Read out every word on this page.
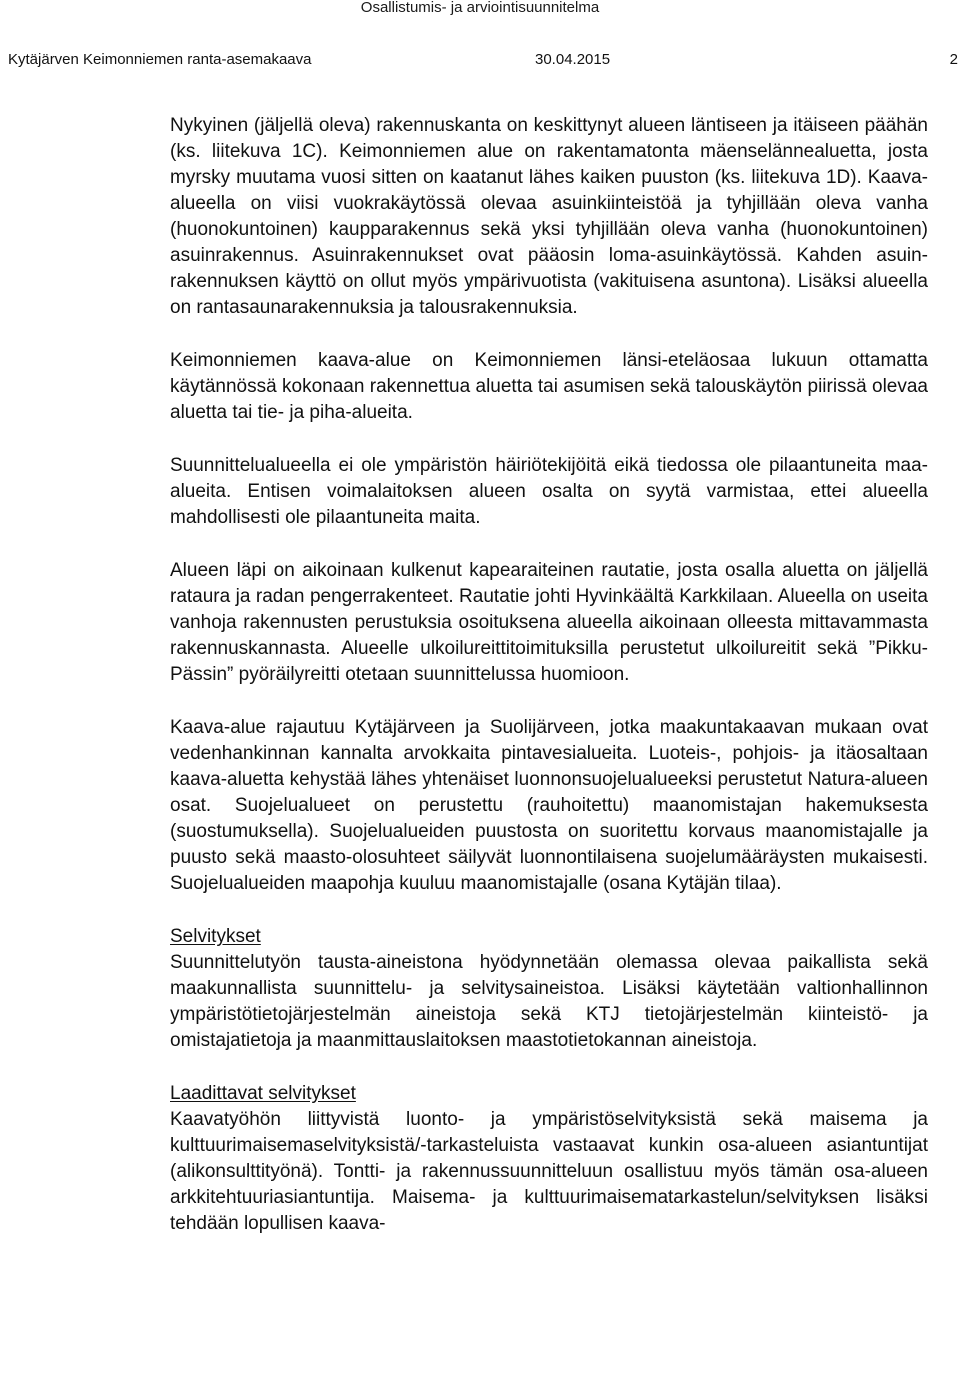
Osallistumis- ja arviointisuunnitelma
Kytäjärven Keimonniemen ranta-asemakaava	30.04.2015	2

Nykyinen (jäljellä oleva) rakennuskanta on keskittynyt alueen läntiseen ja itäiseen päähän (ks. liitekuva 1C). Keimonniemen alue on rakentamatonta mäenselännealuetta, josta myrsky muutama vuosi sitten on kaatanut lähes kaiken puuston (ks. liitekuva 1D). Kaava-alueella on viisi vuokrakäytössä olevaa asuinkiinteistöä ja tyhjillään oleva vanha (huonokuntoinen) kaupparakennus sekä yksi tyhjillään oleva vanha (huonokuntoinen) asuinrakennus. Asuinrakennukset ovat pääosin loma-asuinkäytössä. Kahden asuinrakennuksen käyttö on ollut myös ympärivuotista (vakituisena asuntona). Lisäksi alueella on rantasaunarakennuksia ja talousrakennuksia.

Keimonniemen kaava-alue on Keimonniemen länsi-eteläosaa lukuun ottamatta käytännössä kokonaan rakennettua aluetta tai asumisen sekä talouskäytön piirissä olevaa aluetta tai tie- ja piha-alueita.

Suunnittelualueella ei ole ympäristön häiriötekijöitä eikä tiedossa ole pilaantuneita maa-alueita. Entisen voimalaitoksen alueen osalta on syytä varmistaa, ettei alueella mahdollisesti ole pilaantuneita maita.

Alueen läpi on aikoinaan kulkenut kapearaiteinen rautatie, josta osalla aluetta on jäljellä rataura ja radan pengerrakenteet. Rautatie johti Hyvinkäältä Karkkilaan. Alueella on useita vanhoja rakennusten perustuksia osoituksena alueella aikoinaan olleesta mittavammasta rakennuskannasta. Alueelle ulkoilureittitoimituksilla perustetut ulkoilureitit sekä ”Pikku-Pässin” pyöräilyreitti otetaan suunnittelussa huomioon.

Kaava-alue rajautuu Kytäjärveen ja Suolijärveen, jotka maakuntakaavan mukaan ovat vedenhankinnan kannalta arvokkaita pintavesialueita. Luoteis-, pohjois- ja itäosaltaan kaava-aluetta kehystää lähes yhtenäiset luonnonsuojelualueeksi perustetut Natura-alueen osat. Suojelualueet on perustettu (rauhoitettu) maanomistajan hakemuksesta (suostumuksella). Suojelualueiden puustosta on suoritettu korvaus maanomistajalle ja puusto sekä maasto-olosuhteet säilyvät luonnontilaisena suojelumääräysten mukaisesti. Suojelualueiden maapohja kuuluu maanomistajalle (osana Kytäjän tilaa).

Selvitykset

Suunnittelutyön tausta-aineistona hyödynnetään olemassa olevaa paikallista sekä maakunnallista suunnittelu- ja selvitysaineistoa. Lisäksi käytetään valtionhallinnon ympäristötietojärjestelmän aineistoja sekä KTJ tietojärjestelmän kiinteistö- ja omistajatietoja ja maanmittauslaitoksen maastotietokannan aineistoja.

Laadittavat selvitykset

Kaavatyöhön liittyvistä luonto- ja ympäristöselvityksistä sekä maisema ja kulttuurimaisemaselvityksistä/-tarkasteluista vastaavat kunkin osa-alueen asiantuntijat (alikonsulttityönä). Tontti- ja rakennussuunnitteluun osallistuu myös tämän osa-alueen arkkitehtuuriasiantuntija. Maisema- ja kulttuurimaisematarkastelun/selvityksen lisäksi tehdään lopullisen kaava-
